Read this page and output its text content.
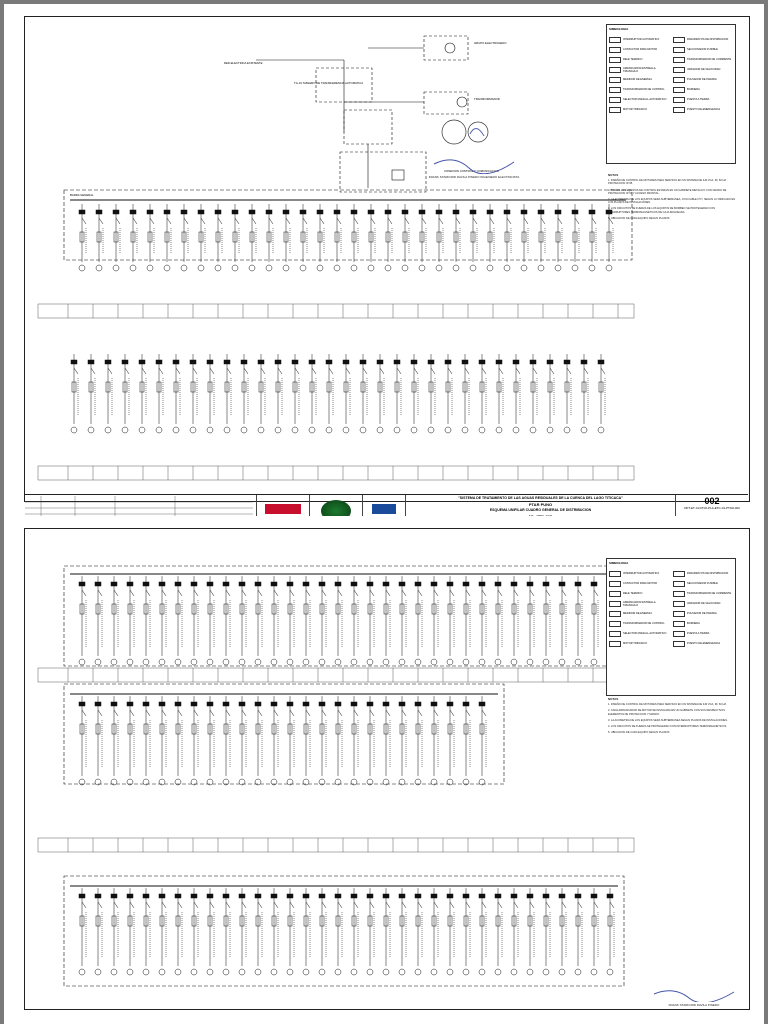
RED ELECTRICA EXISTENTE
TG-01 TABLERO DE TRANSFERENCIA AUTOMATICA
GRUPO ELECTROGENO
TRANSFORMADOR
BARRA GENERAL
CONEXION CONTROL Y COMUNICACION
FRANK STARFORD DAVILA PINEDO INGENIERO ELECTRICISTA
SIMBOLOGIA
INTERRUPTOR AUTOMATICO	PARARRAYOS DE DISTRIBUCION
CONTACTOR PARA MOTOR	SECCIONADOR FUSIBLE
RELE TERMICO	TRANSFORMADOR DE CORRIENTE
ARRANCADOR ESTRELLA-TRIANGULO	VARIADOR DE VELOCIDAD
MEDIDOR DE ENERGIA	PULSADOR DE PARADA
TRANSFORMADOR DE CONTROL	BORNERA
SELECTOR MANUAL-AUTOMATICO	PUESTA A TIERRA
MOTOR TRIFASICO	PUESTO DE EMERGENCIA
NOTAS

1. DISEÑO DE CONTROL DE MOTORES PARA SERVICIO EN UN SISTEMA DE 440 VCA, 3F, 60 HZ, PROTECCION IP-55.

2. TODOS LOS EQUIPOS DE CONTROL ESTARAN EN UN GABINETE METALICO CON GRADO DE PROTECCION IP-54 Y ACCESO FRONTAL.

3. LA ACOMETIDA DE LOS EQUIPOS SERA SUBTERRANEA, CON CABLE NYY, SEGUN LO INDICADO EN LOS PLANOS DE INSTALACIONES.

4. LOS CIRCUITOS DE FUERZA DE LOS EQUIPOS DE BOMBEO SE PROTEGERAN CON INTERRUPTORES TERMOMAGNETICOS DE CAJA MOLDEADA.

5. UBICACION DE CADA EQUIPO SEGUN PLANOS.

"SISTEMA DE TRATAMIENTO DE LAS AGUAS RESIDUALES DE LA CUENCA DEL LAGO TITICACA"
PTAR PUNO
ESQUEMA UNIFILAR CUADRO GENERAL DE DISTRIBUCION
002
DPT-ET-C2-PNO-PLA-ETC-01-PTAR-002
SIMBOLOGIA
INTERRUPTOR AUTOMATICO	PARARRAYOS DE DISTRIBUCION
CONTACTOR PARA MOTOR	SECCIONADOR FUSIBLE
RELE TERMICO	TRANSFORMADOR DE CORRIENTE
ARRANCADOR ESTRELLA-TRIANGULO	VARIADOR DE VELOCIDAD
MEDIDOR DE ENERGIA	PULSADOR DE PARADA
TRANSFORMADOR DE CONTROL	BORNERA
SELECTOR MANUAL-AUTOMATICO	PUESTA A TIERRA
MOTOR TRIFASICO	PUESTO DE EMERGENCIA
NOTAS

1. DISEÑO DE CONTROL DE MOTORES PARA SERVICIO EN UN SISTEMA DE 440 VCA, 3F, 60 HZ.

2. CADA ARRANCADOR DE MOTOR SE INSTALARA EN UN GABINETE CON SUS RESPECTIVOS ELEMENTOS DE PROTECCION Y MANDO.

3. LA ACOMETIDA DE LOS EQUIPOS SERA SUBTERRANEA SEGUN PLANOS DE INSTALACIONES.

4. LOS CIRCUITOS DE FUERZA SE PROTEGERAN CON INTERRUPTORES TERMOMAGNETICOS.

5. UBICACION DE CADA EQUIPO SEGUN PLANOS.

FRANK STARFORD DAVILA PINEDO
